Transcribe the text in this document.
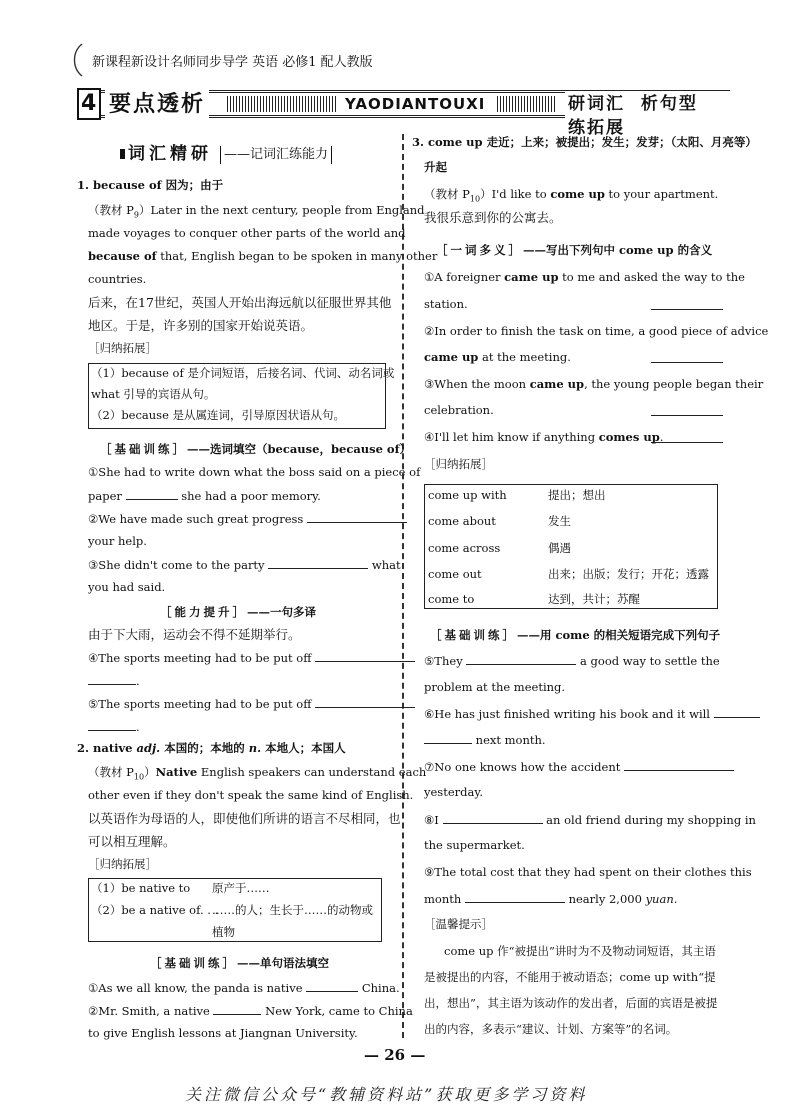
新课程新设计名师同步导学 英语 必修1 配人教版
4 要点透析	YAODIANTOUXI	研词汇 析句型 练拓展
词汇精研 ——记词汇练能力
1. because of 因为；由于
（教材 $P_9)Later$ in the next century, people from England
made voyages to conquer other parts of the world and
because of that, English began to be spoken in many other
countries.
后来，在17世纪，英国人开始出海远航以征服世界其他
地区。于是，许多别的国家开始说英语。
［归纳拓展］
（1）because of 是介词短语，后接名词、代词、动名词或
what 引导的宾语从句。
（2）because 是从属连词，引导原因状语从句。
［基础训练］——选词填空（because，because of）
①She had to write down what the boss said on a piece of
paper	she had a poor memory.
②We have made such great progress
your help.
③She didn't come to the party	what
you had said.
［能力提升］——一句多译
由于下大雨，运动会不得不延期举行。
④The sports meeting had to be put off
.
⑤The sports meeting had to be put off
.
2. native adj. 本国的；本地的 n. 本地人；本国人
（教材 $P_{10})Native$ English speakers can understand each
other even if they don't speak the same kind of English.
以英语作为母语的人，即使他们所讲的语言不尽相同，也
可以相互理解。
［归纳拓展］
（1）be native to 原产于……
（2）be a native of. . .
……的人；生长于……的动物或
植物
［基础训练］——单句语法填空
①As we all know, the panda is native	China.
②Mr. Smith, a native	New York, came to China
to give English lessons at Jiangnan University.
3. come up 走近；上来；被提出；发生；发芽；（太阳、月亮等）
升起
（教材 $P_{10})I'd$ like to come up to your apartment.
我很乐意到你的公寓去。
［一词多义］——写出下列句中 come up 的含义
①A foreigner came up to me and asked the way to the
station.
②In order to finish the task on time, a good piece of advice
came up at the meeting.
③When the moon came up, the young people began their
celebration.
④I'll let him know if anything comes up.
［归纳拓展］
come up with	提出；想出
come about	发生
come across	偶遇
come out	出来；出版；发行；开花；透露
come to	达到，共计；苏醒
［基础训练］——用 come 的相关短语完成下列句子
⑤They	a good way to settle the
problem at the meeting.
⑥He has just finished writing his book and it will
next month.
⑦No one knows how the accident
yesterday.
⑧I	an old friend during my shopping in
the supermarket.
⑨The total cost that they had spent on their clothes this
month	nearly 2,000 yuan.
［温馨提示］
come up 作“被提出”讲时为不及物动词短语，其主语
是被提出的内容，不能用于被动语态；come up with“提
出，想出”，其主语为该动作的发出者，后面的宾语是被提
出的内容，多表示“建议、计划、方案等”的名词。
— 26 —
关注微信公众号“教辅资料站”获取更多学习资料
